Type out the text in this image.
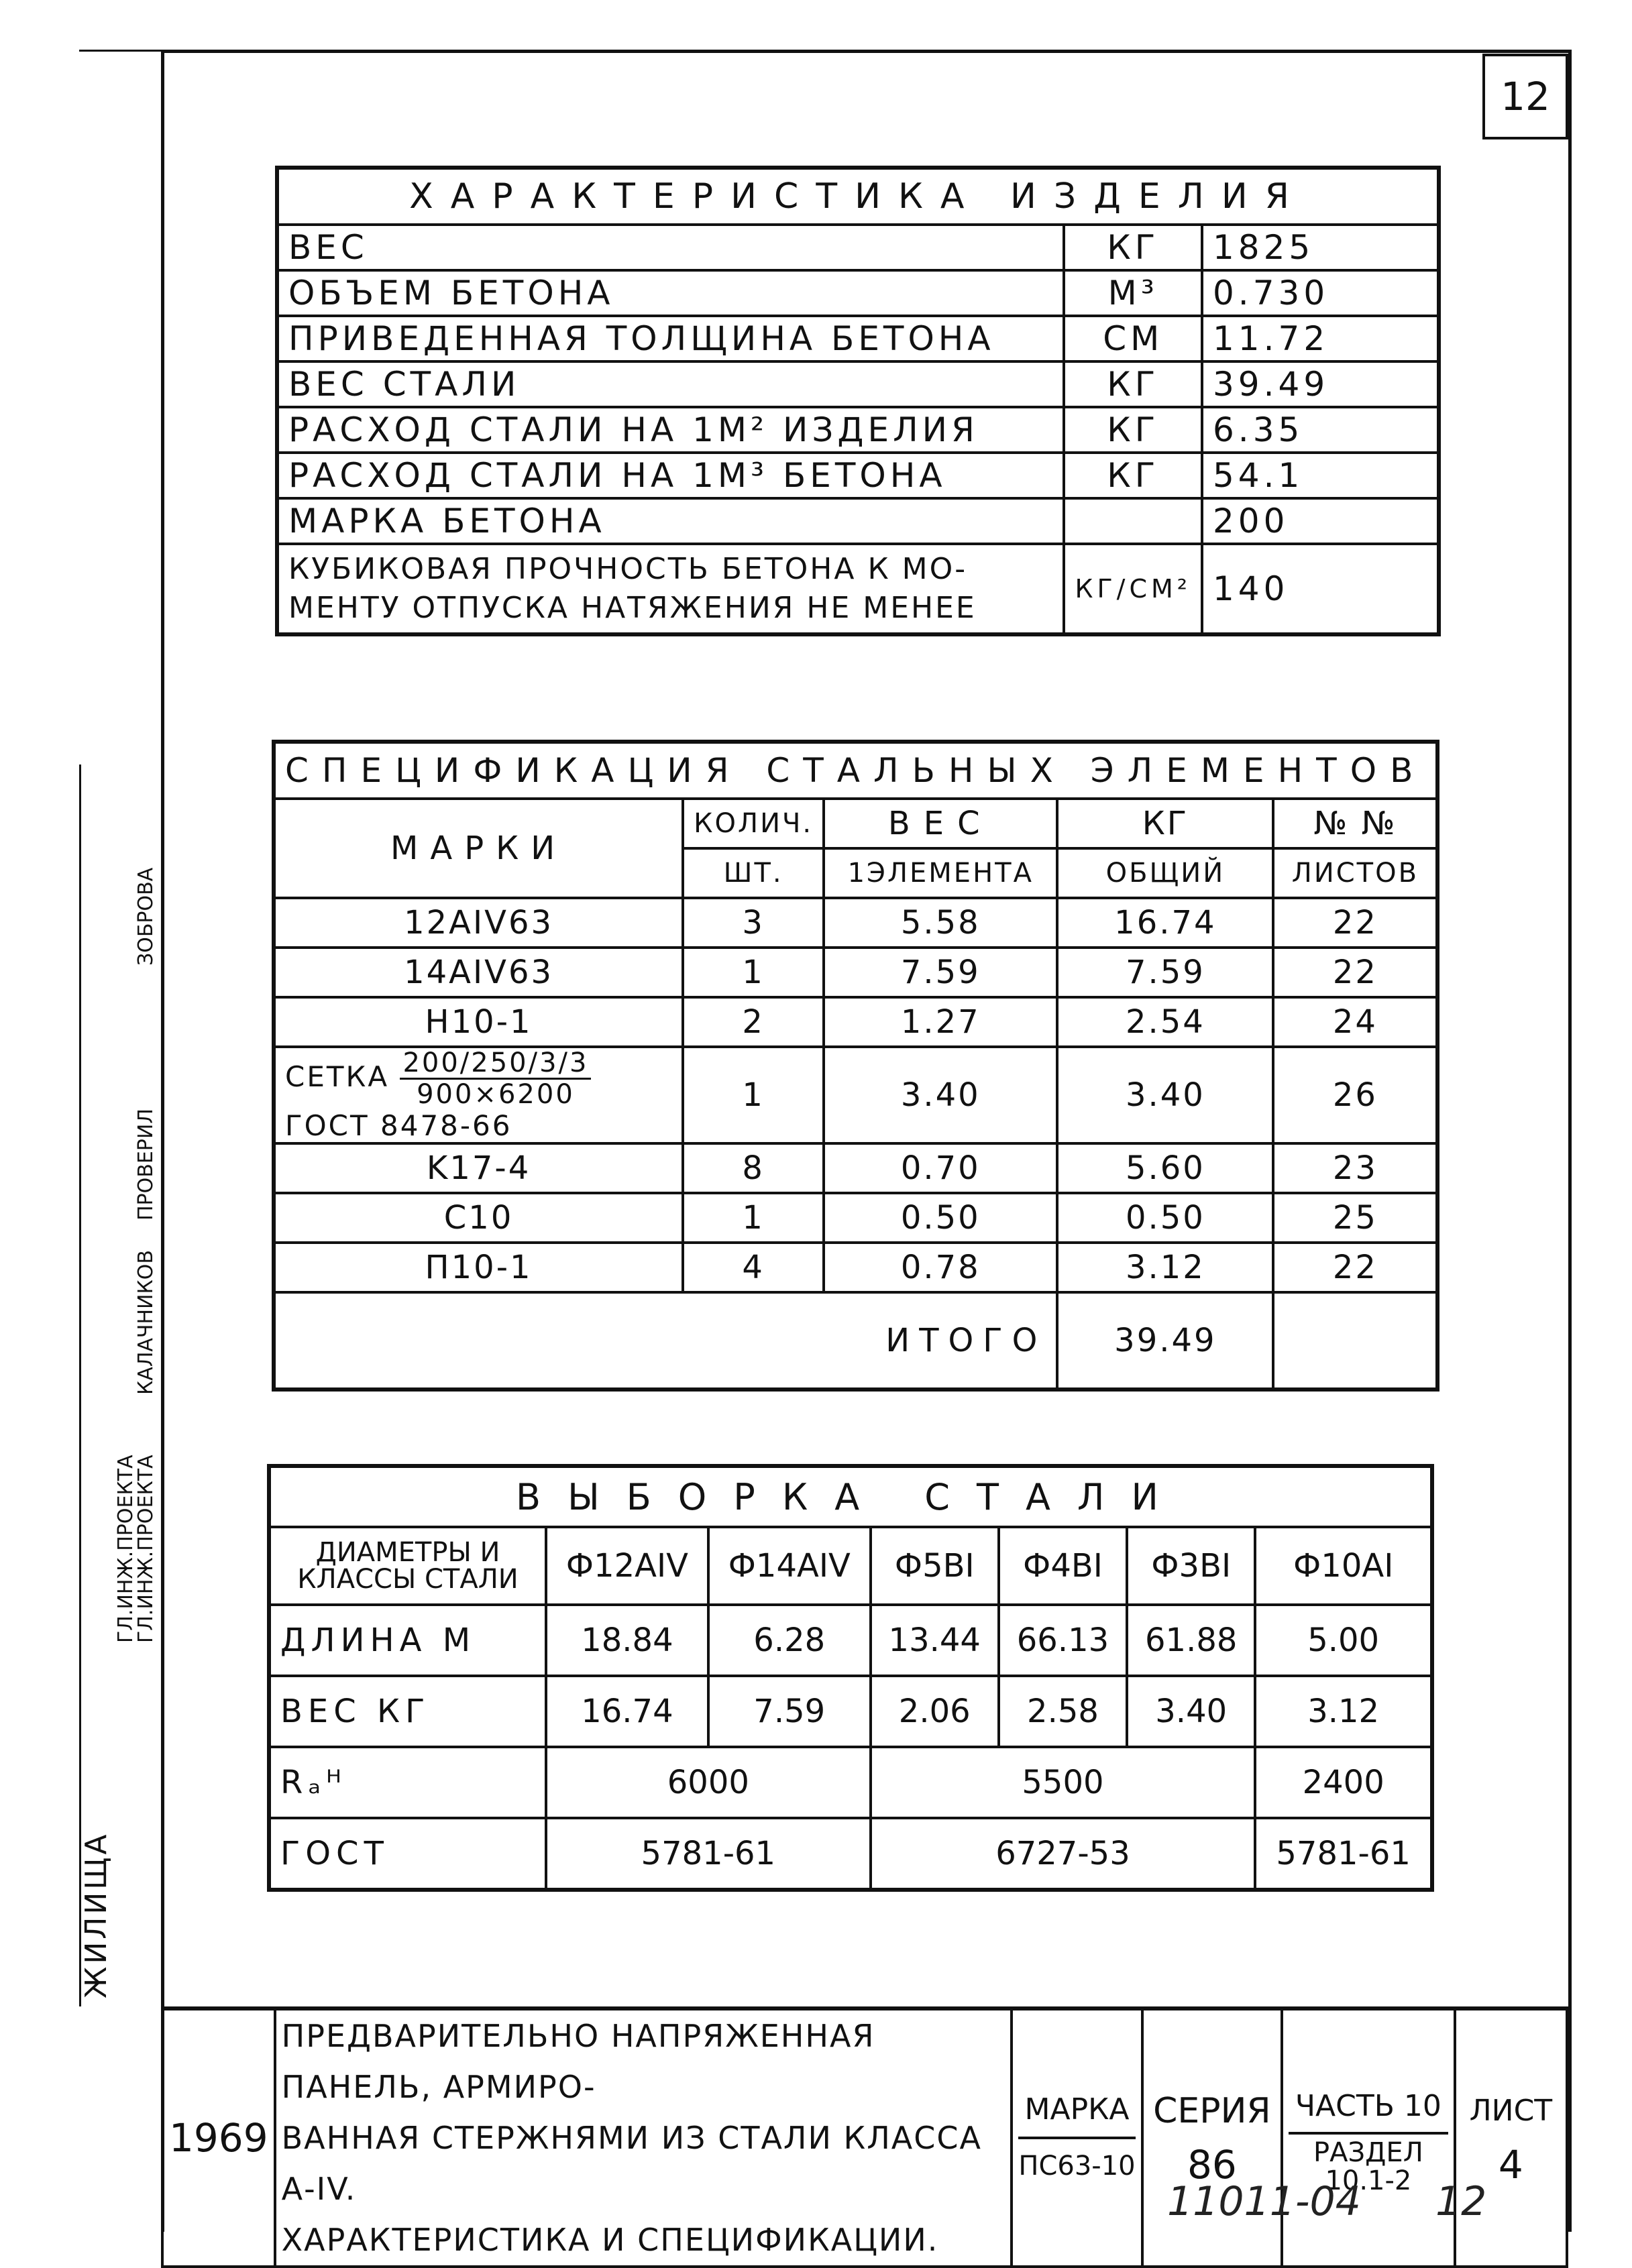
12
ХАРАКТЕРИСТИКА ИЗДЕЛИЯ		
ВЕС	КГ	1825
ОБЪЕМ БЕТОНА	М³	0.730
ПРИВЕДЕННАЯ ТОЛЩИНА БЕТОНА	СМ	11.72
ВЕС СТАЛИ	КГ	39.49
РАСХОД СТАЛИ НА 1М² ИЗДЕЛИЯ	КГ	6.35
РАСХОД СТАЛИ НА 1М³ БЕТОНА	КГ	54.1
МАРКА БЕТОНА		200

КУБИКОВАЯ ПРОЧНОСТЬ БЕТОНА К МО-
МЕНТУ ОТПУСКА НАТЯЖЕНИЯ НЕ МЕНЕЕ	КГ/СМ²	140
СПЕЦИФИКАЦИЯ СТАЛЬНЫХ ЭЛЕМЕНТОВ				
МАРКИ	КОЛИЧ.	ВЕС	КГ	№ №
	ШТ.	1ЭЛЕМЕНТА	ОБЩИЙ	ЛИСТОВ
12AIV63	3	5.58	16.74	22
14AIV63	1	7.59	7.59	22
H10-1	2	1.27	2.54	24
СЕТКА $\frac{200/250/3/3}{900\times 6200}$
ГОСТ 8478-66	1	3.40	3.40	26
K17-4	8	0.70	5.60	23
C10	1	0.50	0.50	25
П10-1	4	0.78	3.12	22
ИТОГО			39.49	
ВЫБОРКА СТАЛИ						
ДИАМЕТРЫ И КЛАССЫ СТАЛИ	Ф12AIV	Ф14AIV	Ф5BI	Ф4BI	Ф3BI	Ф10AI
ДЛИНА М	18.84	6.28	13.44	66.13	61.88	5.00
ВЕС КГ	16.74	7.59	2.06	2.58	3.40	3.12
Rₐᴴ	6000		5500			2400
ГОСТ	5781-61		6727-53			5781-61
ЖИЛИЩА
ГЛ.ИНЖ.ПРОЕКТА
ГЛ.ИНЖ.ПРОЕКТА
КАЛАЧНИКОВ
ПРОВЕРИЛ
ЗОБРОВА
1969	
ПРЕДВАРИТЕЛЬНО НАПРЯЖЕННАЯ ПАНЕЛЬ, АРМИРО-
ВАННАЯ СТЕРЖНЯМИ ИЗ СТАЛИ КЛАССА А-IV.
ХАРАКТЕРИСТИКА И СПЕЦИФИКАЦИИ.

МАРКА
ПС63-10

СЕРИЯ
86

ЧАСТЬ 10
РАЗДЕЛ
10.1-2

ЛИСТ
4
11011-04 12
